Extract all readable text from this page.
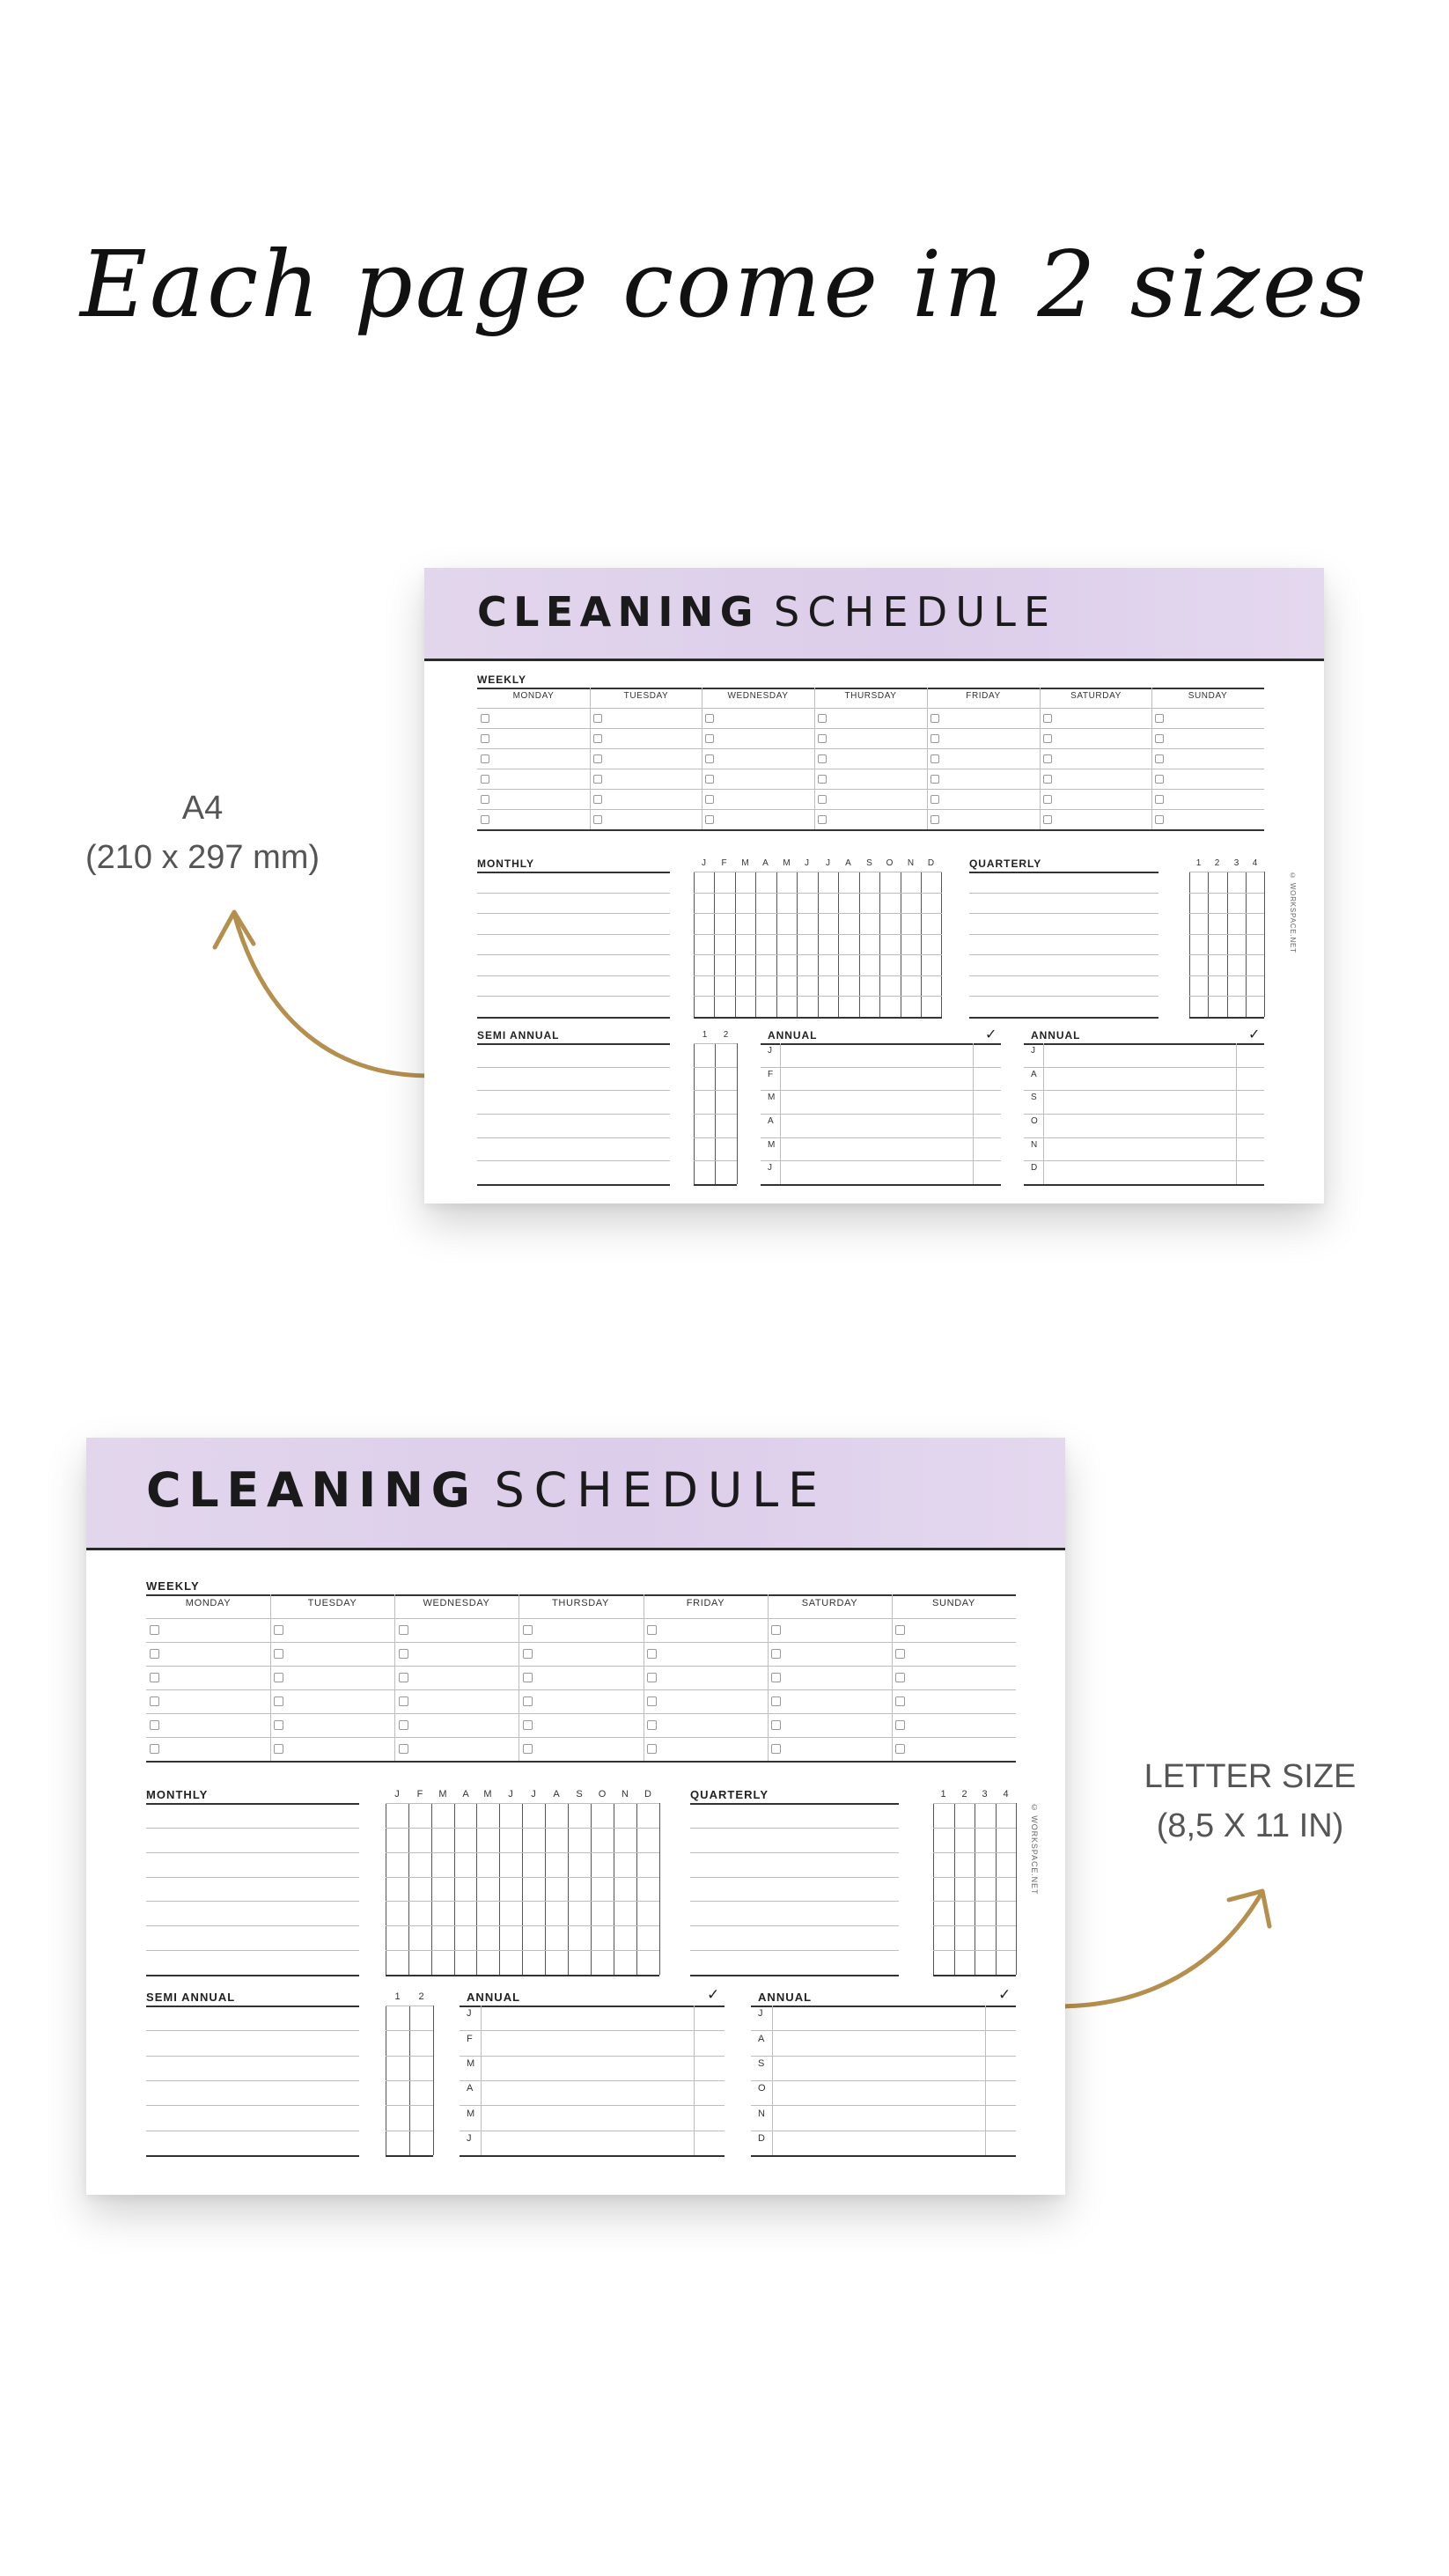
Each page come in 2 sizes
A4
(210 x 297 mm)
LETTER SIZE
(8,5 X 11 IN)
CLEANING SCHEDULE
WEEKLY
MONDAY	TUESDAY	WEDNESDAY	THURSDAY	FRIDAY	SATURDAY	SUNDAY
MONTHLY	J	F	M	A	M	J	J	A	S	O	N	D	QUARTERLY	1	2	3	4
SEMI ANNUAL	1	2	ANNUAL	✓
J
F
M
A
M
J
ANNUAL	✓
J
A
S
O
N
D
© WORKSPACE.NET
CLEANING SCHEDULE
WEEKLY
MONDAY	TUESDAY	WEDNESDAY	THURSDAY	FRIDAY	SATURDAY	SUNDAY
MONTHLY	J	F	M	A	M	J	J	A	S	O	N	D	QUARTERLY	1	2	3	4
SEMI ANNUAL	1	2	ANNUAL	✓
J
F
M
A
M
J
ANNUAL	✓
J
A
S
O
N
D
© WORKSPACE.NET
